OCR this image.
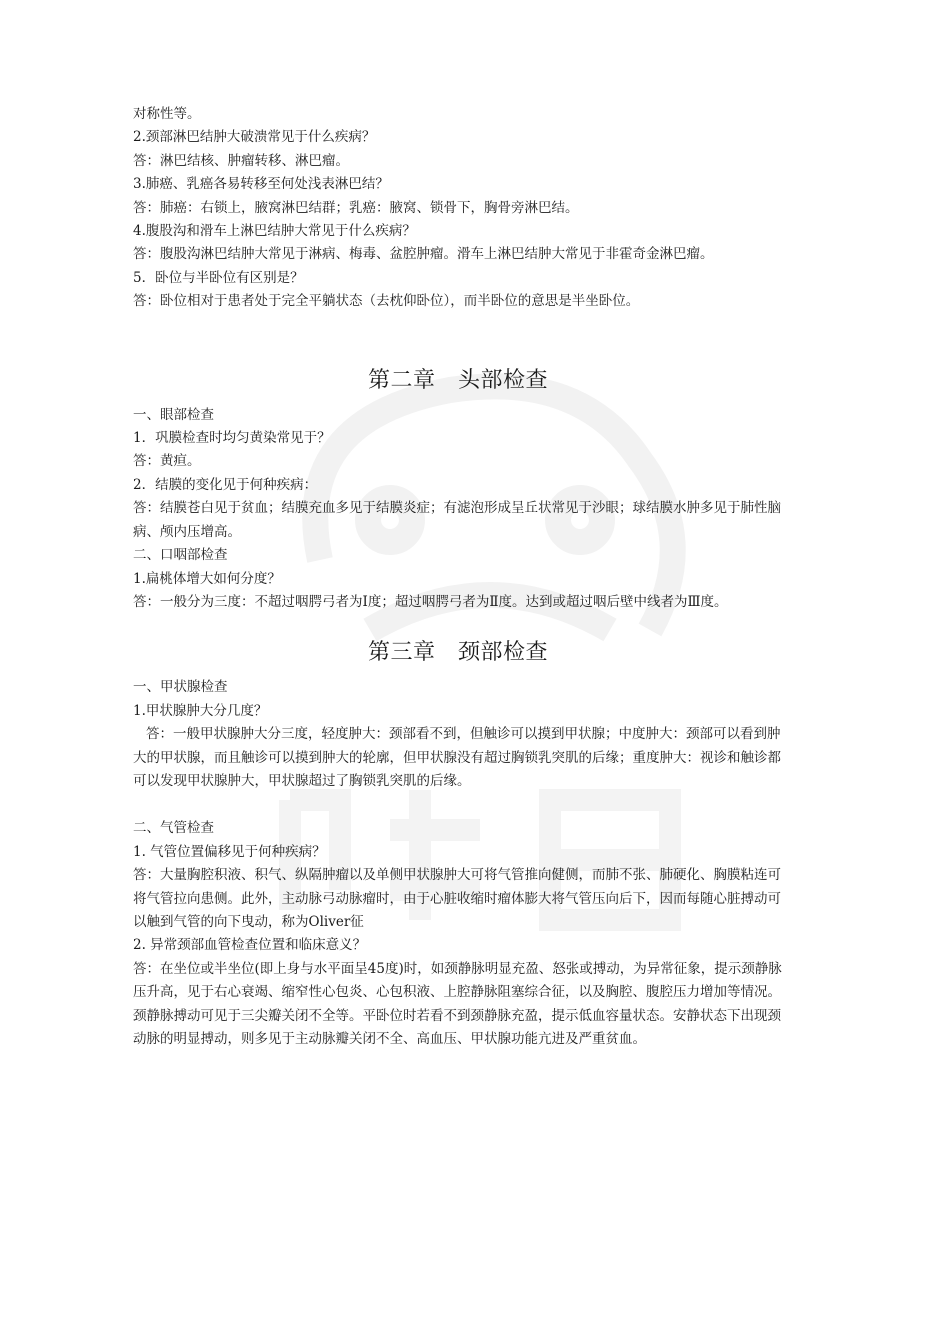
对称性等。

2.颈部淋巴结肿大破溃常见于什么疾病？

答：淋巴结核、肿瘤转移、淋巴瘤。

3.肺癌、乳癌各易转移至何处浅表淋巴结？

答：肺癌：右锁上，腋窝淋巴结群；乳癌：腋窝、锁骨下，胸骨旁淋巴结。

4.腹股沟和滑车上淋巴结肿大常见于什么疾病？

答：腹股沟淋巴结肿大常见于淋病、梅毒、盆腔肿瘤。滑车上淋巴结肿大常见于非霍奇金淋巴瘤。

5．卧位与半卧位有区别是？

答：卧位相对于患者处于完全平躺状态（去枕仰卧位），而半卧位的意思是半坐卧位。

第二章　头部检查

一、眼部检查

1．巩膜检查时均匀黄染常见于？

答：黄疸。

2．结膜的变化见于何种疾病：

答：结膜苍白见于贫血；结膜充血多见于结膜炎症；有滤泡形成呈丘状常见于沙眼；球结膜水肿多见于肺性脑病、颅内压增高。

二、口咽部检查

1.扁桃体增大如何分度？

答：一般分为三度：不超过咽腭弓者为Ⅰ度；超过咽腭弓者为Ⅱ度。达到或超过咽后壁中线者为Ⅲ度。

第三章　颈部检查

一、甲状腺检查

1.甲状腺肿大分几度？

答：一般甲状腺肿大分三度，轻度肿大：颈部看不到，但触诊可以摸到甲状腺；中度肿大：颈部可以看到肿大的甲状腺，而且触诊可以摸到肿大的轮廓，但甲状腺没有超过胸锁乳突肌的后缘；重度肿大：视诊和触诊都可以发现甲状腺肿大，甲状腺超过了胸锁乳突肌的后缘。

二、气管检查

1. 气管位置偏移见于何种疾病？

答：大量胸腔积液、积气、纵隔肿瘤以及单侧甲状腺肿大可将气管推向健侧，而肺不张、肺硬化、胸膜粘连可将气管拉向患侧。此外，主动脉弓动脉瘤时，由于心脏收缩时瘤体膨大将气管压向后下，因而每随心脏搏动可以触到气管的向下曳动，称为Oliver征

2. 异常颈部血管检查位置和临床意义？

答：在坐位或半坐位(即上身与水平面呈45度)时，如颈静脉明显充盈、怒张或搏动，为异常征象，提示颈静脉压升高，见于右心衰竭、缩窄性心包炎、心包积液、上腔静脉阻塞综合征，以及胸腔、腹腔压力增加等情况。颈静脉搏动可见于三尖瓣关闭不全等。平卧位时若看不到颈静脉充盈，提示低血容量状态。安静状态下出现颈动脉的明显搏动，则多见于主动脉瓣关闭不全、高血压、甲状腺功能亢进及严重贫血。
